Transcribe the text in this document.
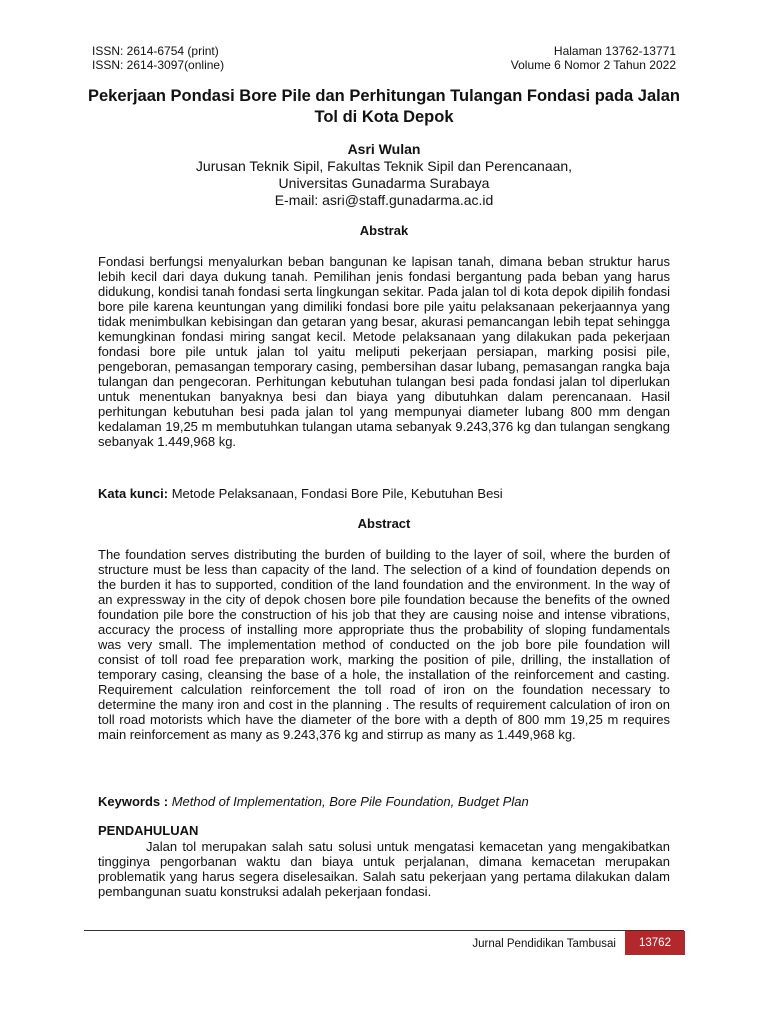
ISSN: 2614-6754 (print)
ISSN: 2614-3097(online)
Halaman 13762-13771
Volume 6 Nomor 2 Tahun 2022
Pekerjaan Pondasi Bore Pile dan Perhitungan Tulangan Fondasi pada Jalan Tol di Kota Depok
Asri Wulan
Jurusan Teknik Sipil, Fakultas Teknik Sipil dan Perencanaan,
Universitas Gunadarma Surabaya
E-mail: asri@staff.gunadarma.ac.id
Abstrak
Fondasi berfungsi menyalurkan beban bangunan ke lapisan tanah, dimana beban struktur harus lebih kecil dari daya dukung tanah. Pemilihan jenis fondasi bergantung pada beban yang harus didukung, kondisi tanah fondasi serta lingkungan sekitar. Pada jalan tol di kota depok dipilih fondasi bore pile karena keuntungan yang dimiliki fondasi bore pile yaitu pelaksanaan pekerjaannya yang tidak menimbulkan kebisingan dan getaran yang besar, akurasi pemancangan lebih tepat sehingga kemungkinan fondasi miring sangat kecil. Metode pelaksanaan yang dilakukan pada pekerjaan fondasi bore pile untuk jalan tol yaitu meliputi pekerjaan persiapan, marking posisi pile, pengeboran, pemasangan temporary casing, pembersihan dasar lubang, pemasangan rangka baja tulangan dan pengecoran. Perhitungan kebutuhan tulangan besi pada fondasi jalan tol diperlukan untuk menentukan banyaknya besi dan biaya yang dibutuhkan dalam perencanaan. Hasil perhitungan kebutuhan besi pada jalan tol yang mempunyai diameter lubang 800 mm dengan kedalaman 19,25 m membutuhkan tulangan utama sebanyak 9.243,376 kg dan tulangan sengkang sebanyak 1.449,968 kg.
Kata kunci: Metode Pelaksanaan, Fondasi Bore Pile, Kebutuhan Besi
Abstract
The foundation serves distributing the burden of building to the layer of soil, where the burden of structure must be less than capacity of the land. The selection of a kind of foundation depends on the burden it has to supported, condition of the land foundation and the environment. In the way of an expressway in the city of depok chosen bore pile foundation because the benefits of the owned foundation pile bore the construction of his job that they are causing noise and intense vibrations, accuracy the process of installing more appropriate thus the probability of sloping fundamentals was very small. The implementation method of conducted on the job bore pile foundation will consist of toll road fee preparation work, marking the position of pile, drilling, the installation of temporary casing, cleansing the base of a hole, the installation of the reinforcement and casting. Requirement calculation reinforcement the toll road of iron on the foundation necessary to determine the many iron and cost in the planning . The results of requirement calculation of iron on toll road motorists which have the diameter of the bore with a depth of 800 mm 19,25 m requires main reinforcement as many as 9.243,376 kg and stirrup as many as 1.449,968 kg.
Keywords : Method of Implementation, Bore Pile Foundation, Budget Plan
PENDAHULUAN
Jalan tol merupakan salah satu solusi untuk mengatasi kemacetan yang mengakibatkan tingginya pengorbanan waktu dan biaya untuk perjalanan, dimana kemacetan merupakan problematik yang harus segera diselesaikan. Salah satu pekerjaan yang pertama dilakukan dalam pembangunan suatu konstruksi adalah pekerjaan fondasi.
Jurnal Pendidikan Tambusai	13762
